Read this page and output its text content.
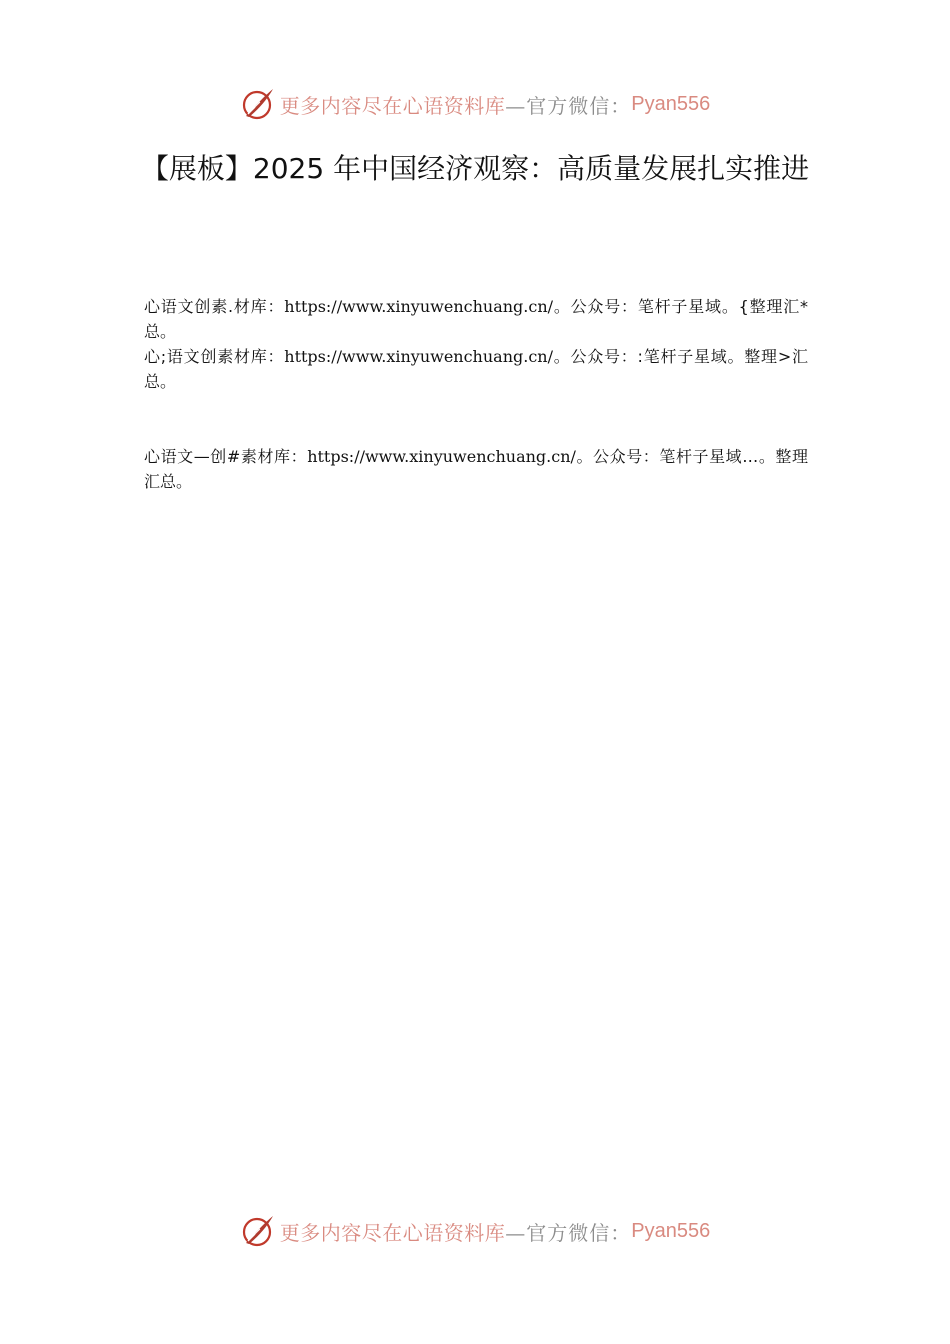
更多内容尽在心语资料库 —官方微信： Pyan556
【展板】2025 年中国经济观察：高质量发展扎实推进

心语文创素.材库：https://www.xinyuwenchuang.cn/。公众号：笔杆子星域。{整理汇*总。

心;语文创素材库：https://www.xinyuwenchuang.cn/。公众号：:笔杆子星域。整理>汇总。

心语文—创#素材库：https://www.xinyuwenchuang.cn/。公众号：笔杆子星域…。整理汇总。

更多内容尽在心语资料库 —官方微信： Pyan556
